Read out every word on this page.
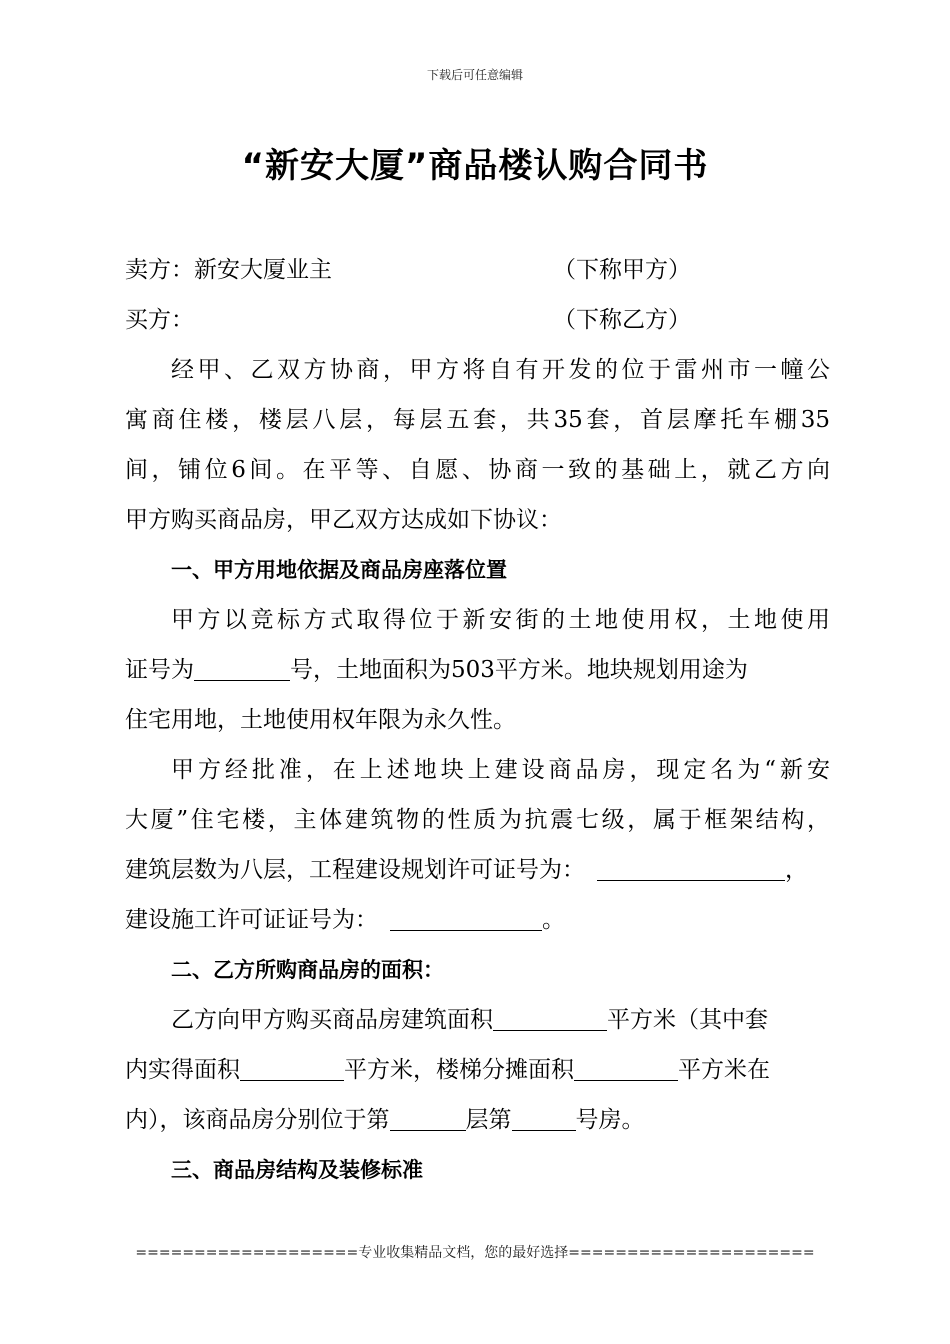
下载后可任意编辑
“新安大厦”商品楼认购合同书
卖方：新安大厦业主	（下称甲方）
买方：	（下称乙方）
经甲、乙双方协商，甲方将自有开发的位于雷州市一幢公
寓商住楼，楼层八层，每层五套，共35套，首层摩托车棚35
间，铺位6间。在平等、自愿、协商一致的基础上，就乙方向
甲方购买商品房，甲乙双方达成如下协议：
一、甲方用地依据及商品房座落位置
甲方以竞标方式取得位于新安街的土地使用权，土地使用
证号为	号，土地面积为503平方米。地块规划用途为
住宅用地，土地使用权年限为永久性。
甲方经批准，在上述地块上建设商品房，现定名为“新安
大厦”住宅楼，主体建筑物的性质为抗震七级，属于框架结构，
建筑层数为八层，工程建设规划许可证号为：	，
建设施工许可证证号为：	。
二、乙方所购商品房的面积：
乙方向甲方购买商品房建筑面积	平方米（其中套
内实得面积	平方米，楼梯分摊面积	平方米在
内），该商品房分别位于第	层第	号房。
三、商品房结构及装修标准
===================专业收集精品文档，您的最好选择=====================
